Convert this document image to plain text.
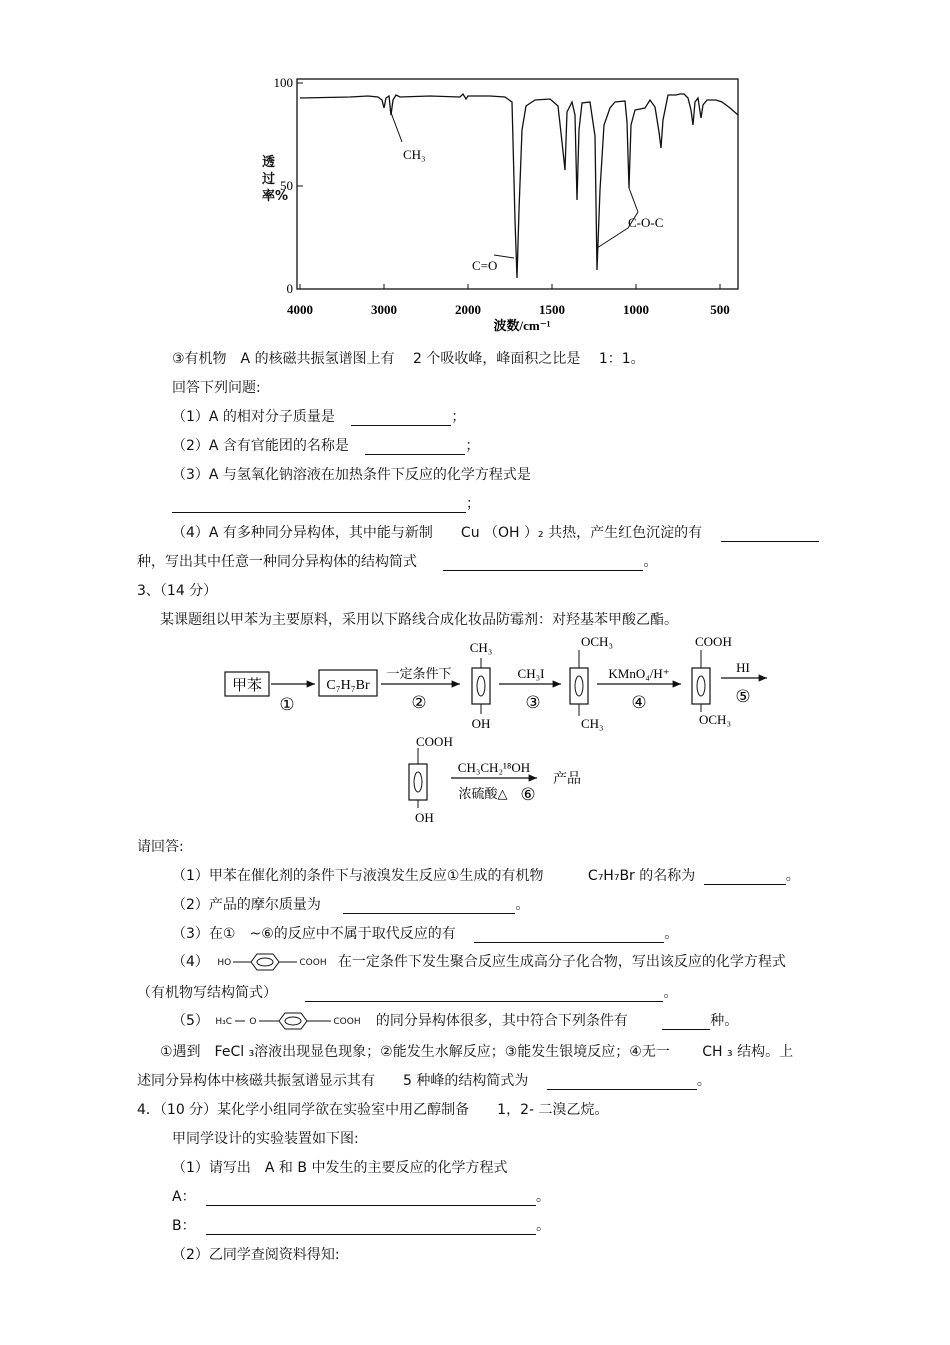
100
50
0
4000	3000	2000	1500	1000	500
波数/cm⁻¹
CH₃
C=O
C-O-C
透过率%
③有机物　A 的核磁共振氢谱图上有　 2 个吸收峰，峰面积之比是　 1：1。
回答下列问题:
（1）A 的相对分子质量是	；
（2）A 含有官能团的名称是	；
（3）A 与氢氧化钠溶液在加热条件下反应的化学方程式是
；
（4）A 有多种同分异构体，其中能与新制　　Cu （OH ）₂ 共热，产生红色沉淀的有
种，写出其中任意一种同分异构体的结构简式	。
3、（14 分）
某课题组以甲苯为主要原料，采用以下路线合成化妆品防霉剂：对羟基苯甲酸乙酯。
甲苯
①
C₇H₇Br
一定条件下
②
CH₃
OH
CH₃I
③
OCH₃
CH₃
KMnO₄/H⁺
④
COOH
OCH₃
HI
⑤
COOH
OH
CH₃CH₂¹⁸OH
浓硫酸△ ⑥
产品
请回答:
（1）甲苯在催化剂的条件下与液溴发生反应①生成的有机物	C₇H₇Br 的名称为	。
（2）产品的摩尔质量为	。
（3）在①　~⑥的反应中不属于取代反应的有	。
（4） HO	COOH 在一定条件下发生聚合反应生成高分子化合物，写出该反应的化学方程式
（有机物写结构简式）	。
（5） H₃C O	COOH 的同分异构体很多，其中符合下列条件有	种。
①遇到　FeCl ₃溶液出现显色现象；②能发生水解反应；③能发生银境反应；④无一　　 CH ₃ 结构。上
述同分异构体中核磁共振氢谱显示其有　　5 种峰的结构简式为	。
4．（10 分）某化学小组同学欲在实验室中用乙醇制备　　1，2- 二溴乙烷。
甲同学设计的实验装置如下图:
（1）请写出　A 和 B 中发生的主要反应的化学方程式
A：	。
B：	。
（2）乙同学查阅资料得知:
